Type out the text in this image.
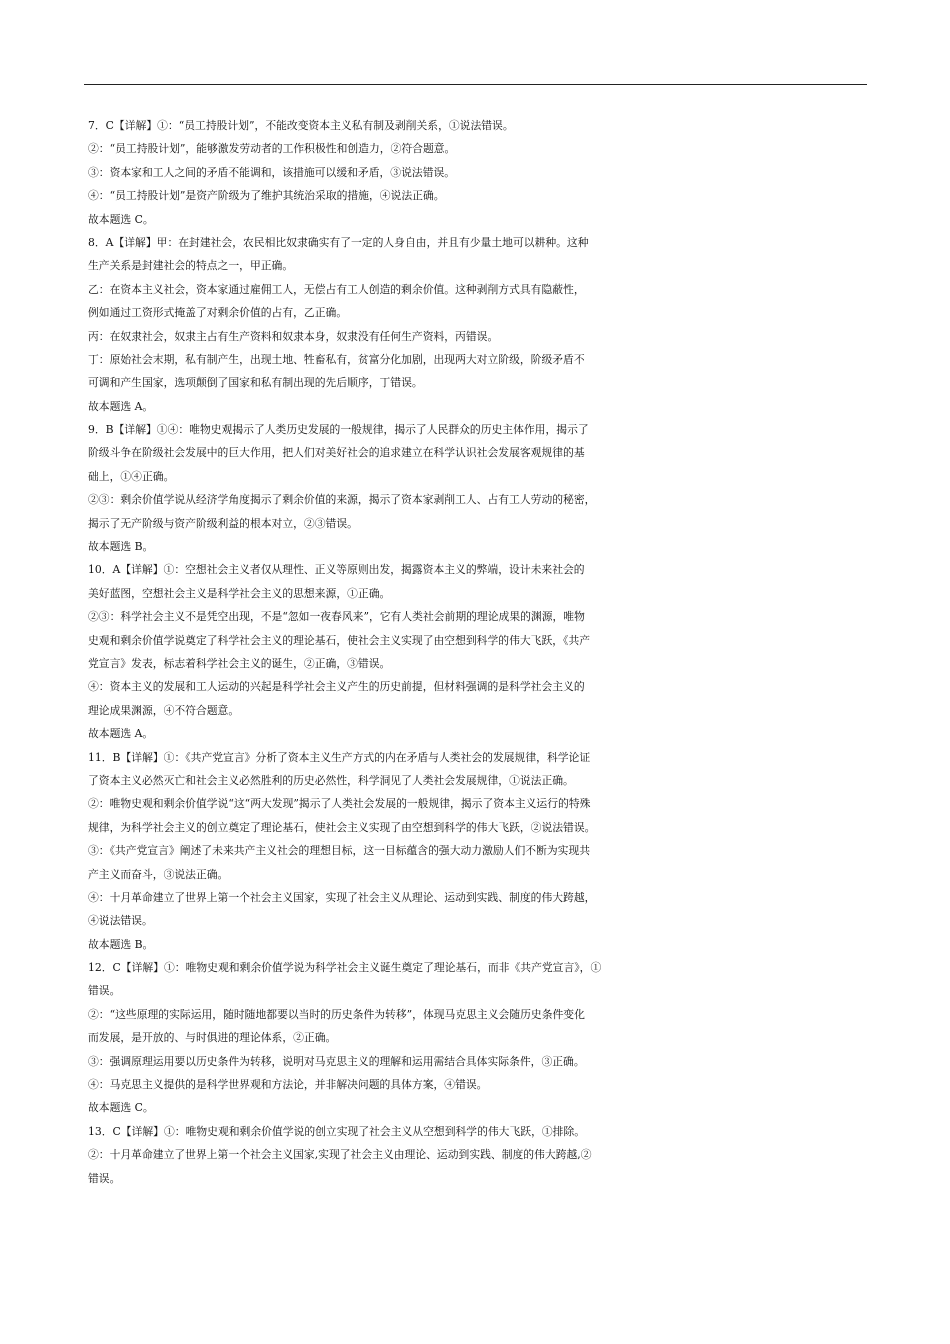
7．C【详解】①：“员工持股计划”，不能改变资本主义私有制及剥削关系，①说法错误。
②：“员工持股计划”，能够激发劳动者的工作积极性和创造力，②符合题意。
③：资本家和工人之间的矛盾不能调和，该措施可以缓和矛盾，③说法错误。
④：“员工持股计划”是资产阶级为了维护其统治采取的措施，④说法正确。
故本题选 C。
8．A【详解】甲：在封建社会，农民相比奴隶确实有了一定的人身自由，并且有少量土地可以耕种。这种
生产关系是封建社会的特点之一，甲正确。
乙：在资本主义社会，资本家通过雇佣工人，无偿占有工人创造的剩余价值。这种剥削方式具有隐蔽性，
例如通过工资形式掩盖了对剩余价值的占有，乙正确。
丙：在奴隶社会，奴隶主占有生产资料和奴隶本身，奴隶没有任何生产资料，丙错误。
丁：原始社会末期，私有制产生，出现土地、牲畜私有，贫富分化加剧，出现两大对立阶级，阶级矛盾不
可调和产生国家，选项颠倒了国家和私有制出现的先后顺序，丁错误。
故本题选 A。
9．B【详解】①④：唯物史观揭示了人类历史发展的一般规律，揭示了人民群众的历史主体作用，揭示了
阶级斗争在阶级社会发展中的巨大作用，把人们对美好社会的追求建立在科学认识社会发展客观规律的基
础上，①④正确。
②③：剩余价值学说从经济学角度揭示了剩余价值的来源，揭示了资本家剥削工人、占有工人劳动的秘密，
揭示了无产阶级与资产阶级利益的根本对立，②③错误。
故本题选 B。
10．A【详解】①：空想社会主义者仅从理性、正义等原则出发，揭露资本主义的弊端，设计未来社会的
美好蓝图，空想社会主义是科学社会主义的思想来源，①正确。
②③：科学社会主义不是凭空出现，不是“忽如一夜春风来”，它有人类社会前期的理论成果的渊源，唯物
史观和剩余价值学说奠定了科学社会主义的理论基石，使社会主义实现了由空想到科学的伟大飞跃，《共产
党宣言》发表，标志着科学社会主义的诞生，②正确，③错误。
④：资本主义的发展和工人运动的兴起是科学社会主义产生的历史前提，但材料强调的是科学社会主义的
理论成果渊源，④不符合题意。
故本题选 A。
11．B【详解】①：《共产党宣言》分析了资本主义生产方式的内在矛盾与人类社会的发展规律，科学论证
了资本主义必然灭亡和社会主义必然胜利的历史必然性，科学洞见了人类社会发展规律，①说法正确。
②：唯物史观和剩余价值学说“这“两大发现”揭示了人类社会发展的一般规律，揭示了资本主义运行的特殊
规律，为科学社会主义的创立奠定了理论基石，使社会主义实现了由空想到科学的伟大飞跃，②说法错误。
③：《共产党宣言》阐述了未来共产主义社会的理想目标，这一目标蕴含的强大动力激励人们不断为实现共
产主义而奋斗，③说法正确。
④：十月革命建立了世界上第一个社会主义国家，实现了社会主义从理论、运动到实践、制度的伟大跨越，
④说法错误。
故本题选 B。
12．C【详解】①：唯物史观和剩余价值学说为科学社会主义诞生奠定了理论基石，而非《共产党宣言》，①
错误。
②：“这些原理的实际运用，随时随地都要以当时的历史条件为转移”，体现马克思主义会随历史条件变化
而发展，是开放的、与时俱进的理论体系，②正确。
③：强调原理运用要以历史条件为转移，说明对马克思主义的理解和运用需结合具体实际条件，③正确。
④：马克思主义提供的是科学世界观和方法论，并非解决问题的具体方案，④错误。
故本题选 C。
13．C【详解】①：唯物史观和剩余价值学说的创立实现了社会主义从空想到科学的伟大飞跃，①排除。
②：十月革命建立了世界上第一个社会主义国家,实现了社会主义由理论、运动到实践、制度的伟大跨越,②
错误。
